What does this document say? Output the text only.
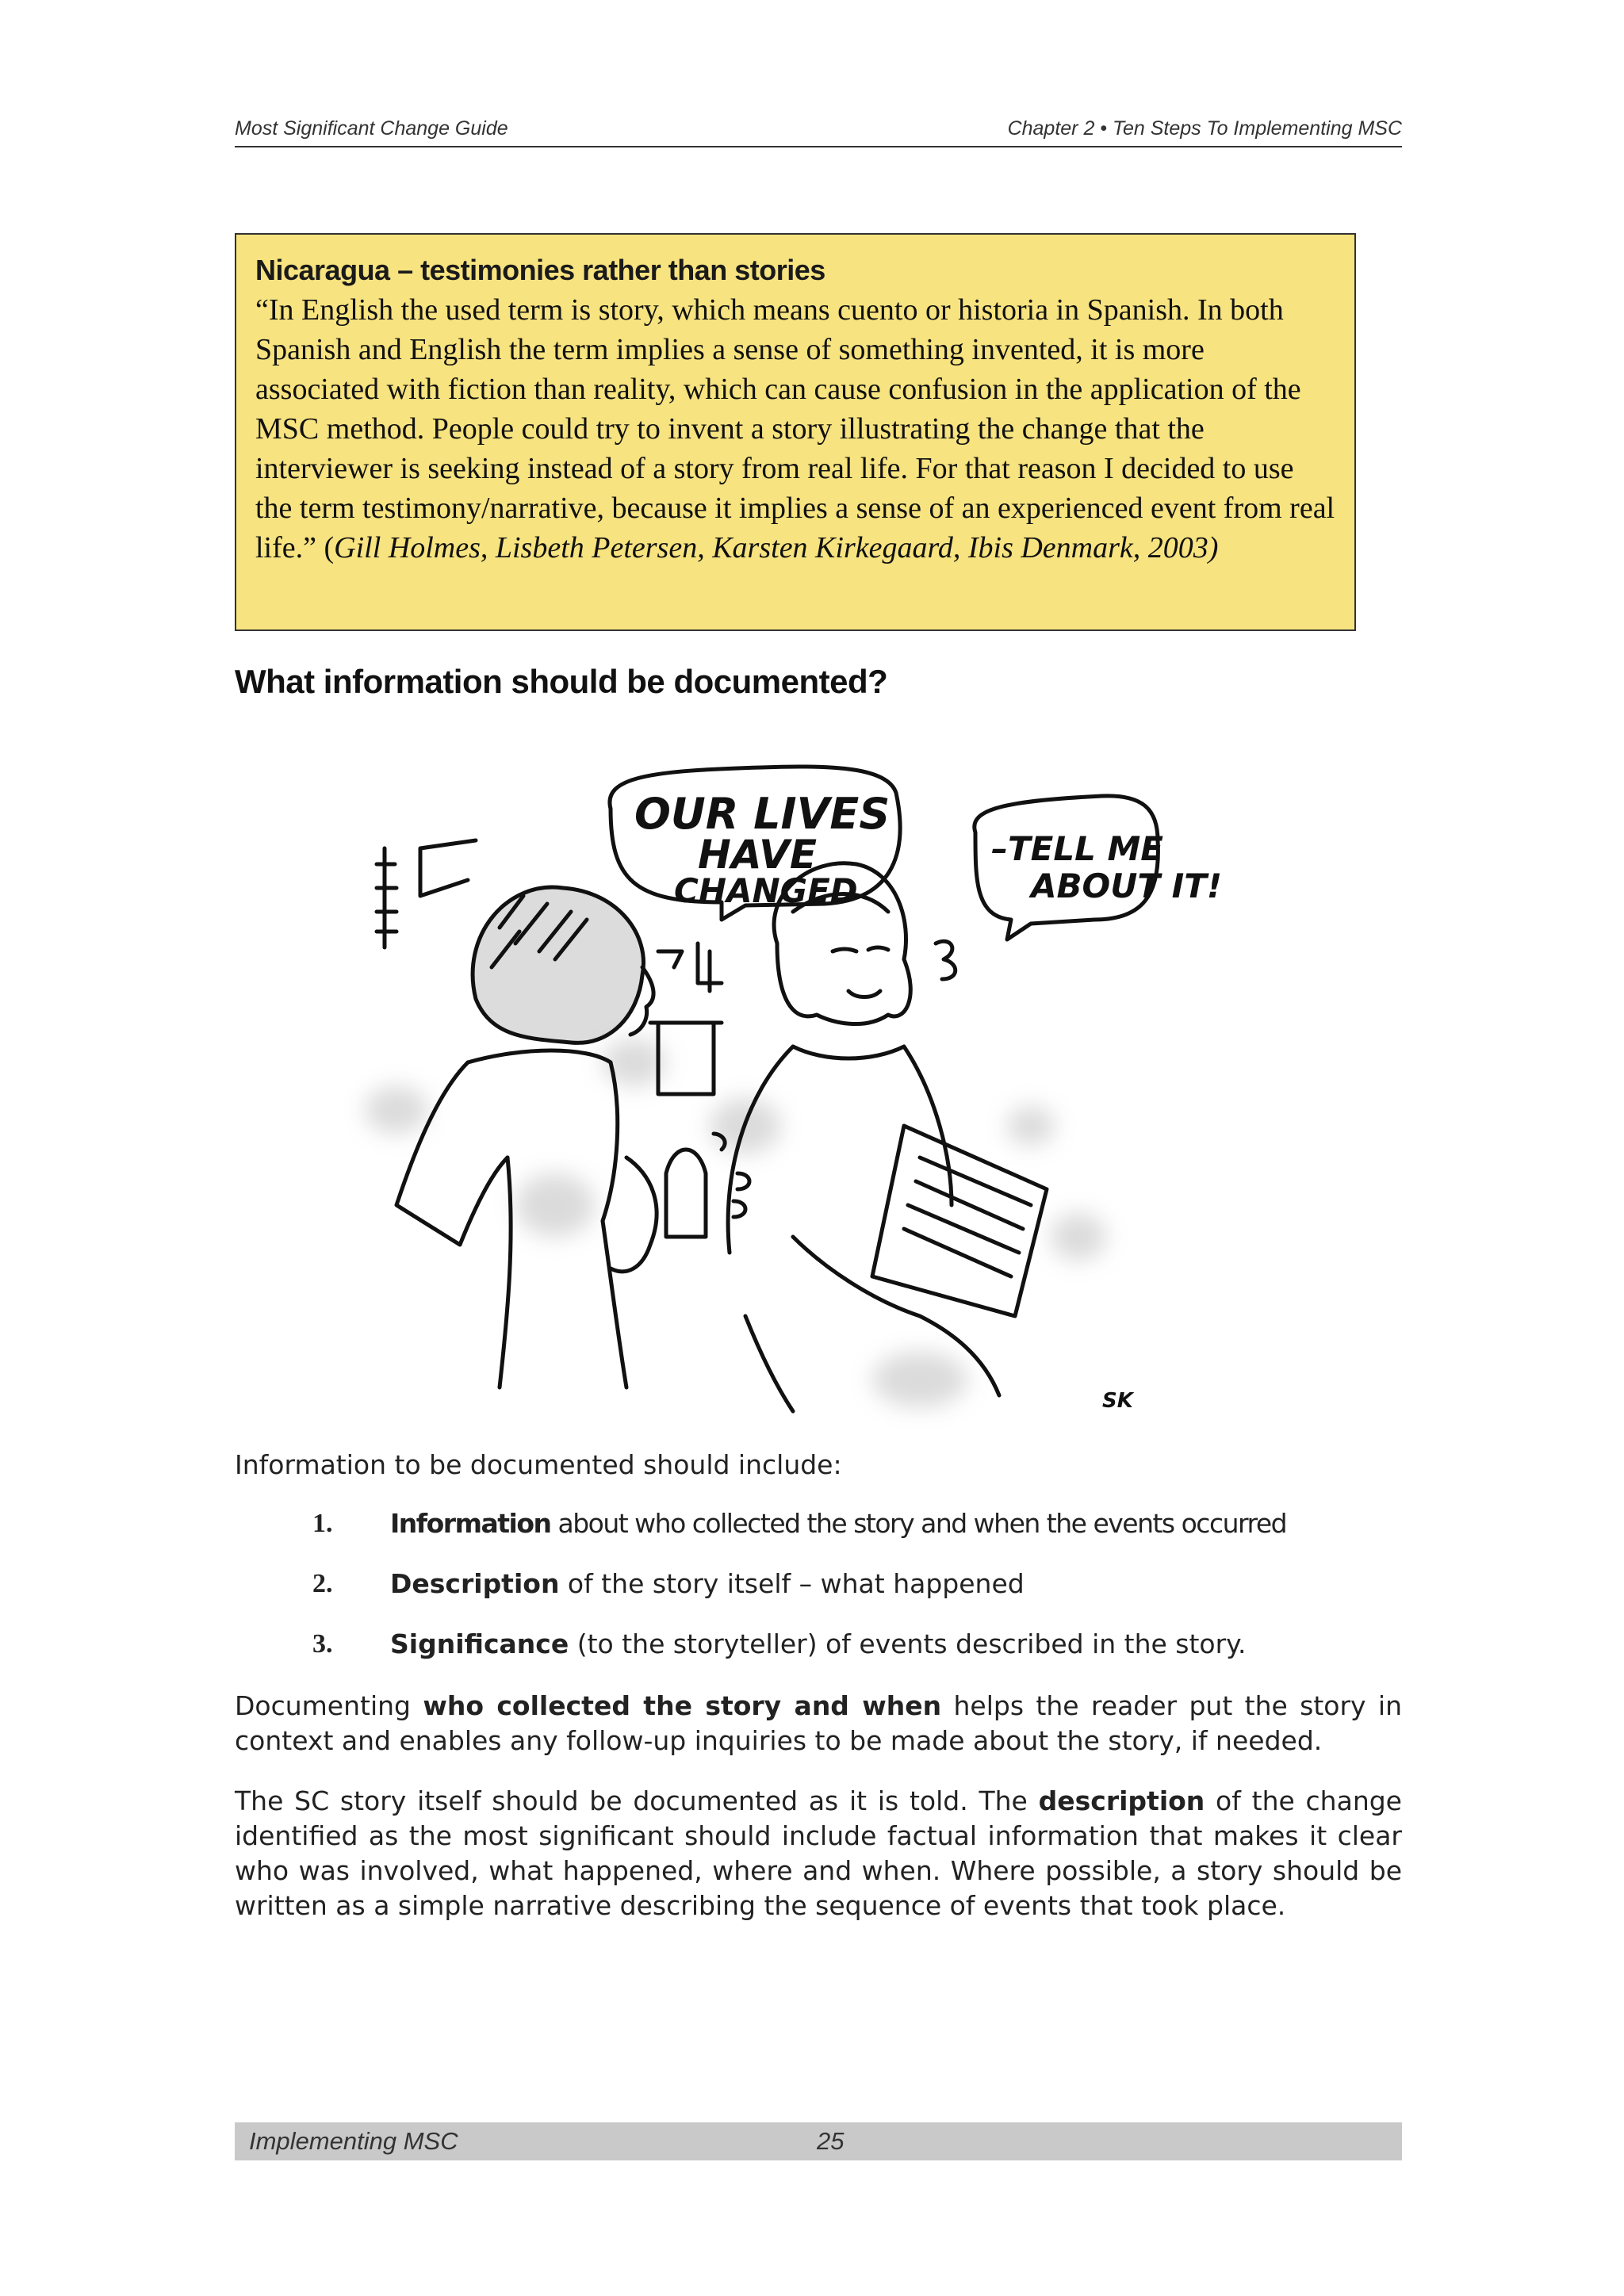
Most Significant Change Guide	Chapter 2 • Ten Steps To Implementing MSC
Nicaragua – testimonies rather than stories

“In English the used term is story, which means cuento or historia in Spanish. In both Spanish and English the term implies a sense of something invented, it is more associated with fiction than reality, which can cause confusion in the application of the MSC method. People could try to invent a story illustrating the change that the interviewer is seeking instead of a story from real life. For that reason I decided to use the term testimony/narrative, because it implies a sense of an experienced event from real life.” (Gill Holmes, Lisbeth Petersen, Karsten Kirkegaard, Ibis Denmark, 2003)

What information should be documented?
OUR LIVES
HAVE
CHANGED
–TELL ME
ABOUT IT!
SK

Information to be documented should include:

1. Information about who collected the story and when the events occurred
2. Description of the story itself – what happened
3. Significance (to the storyteller) of events described in the story.

Documenting who collected the story and when helps the reader put the story in context and enables any follow-up inquiries to be made about the story, if needed.

The SC story itself should be documented as it is told. The description of the change identified as the most significant should include factual information that makes it clear who was involved, what happened, where and when. Where possible, a story should be written as a simple narrative describing the sequence of events that took place.

Implementing MSC	25
